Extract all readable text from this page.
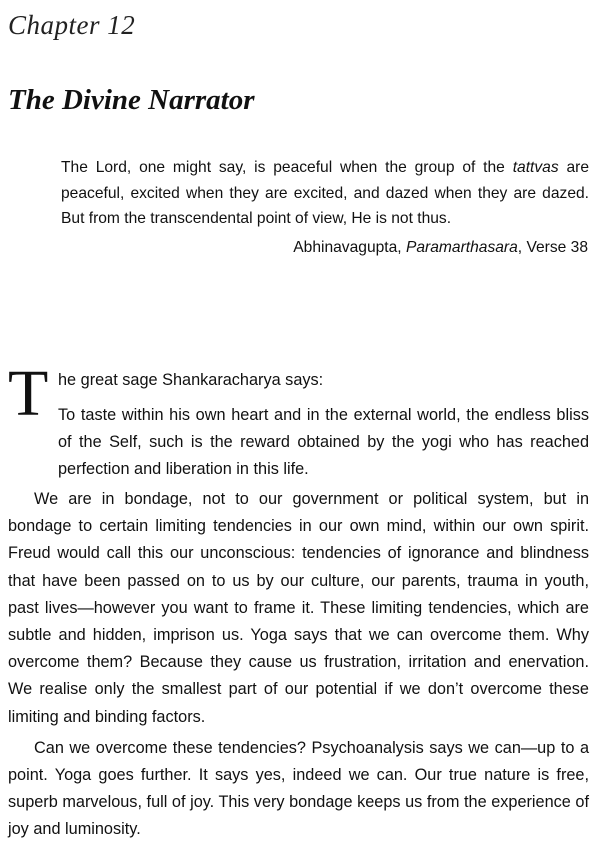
Chapter 12
The Divine Narrator
The Lord, one might say, is peaceful when the group of the tattvas are peaceful, excited when they are excited, and dazed when they are dazed. But from the transcendental point of view, He is not thus.
Abhinavagupta, Paramarthasara, Verse 38
T he great sage Shankaracharya says:
To taste within his own heart and in the external world, the endless bliss of the Self, such is the reward obtained by the yogi who has reached perfection and liberation in this life.

We are in bondage, not to our government or political system, but in bondage to certain limiting tendencies in our own mind, within our own spirit. Freud would call this our unconscious: tendencies of ignorance and blindness that have been passed on to us by our culture, our parents, trauma in youth, past lives—however you want to frame it. These limiting tendencies, which are subtle and hidden, imprison us. Yoga says that we can overcome them. Why overcome them? Because they cause us frustration, irritation and enervation. We realise only the smallest part of our potential if we don’t overcome these limiting and binding factors.

Can we overcome these tendencies? Psychoanalysis says we can—up to a point. Yoga goes further. It says yes, indeed we can. Our true nature is free, superb marvelous, full of joy. This very bondage keeps us from the experience of joy and luminosity.
